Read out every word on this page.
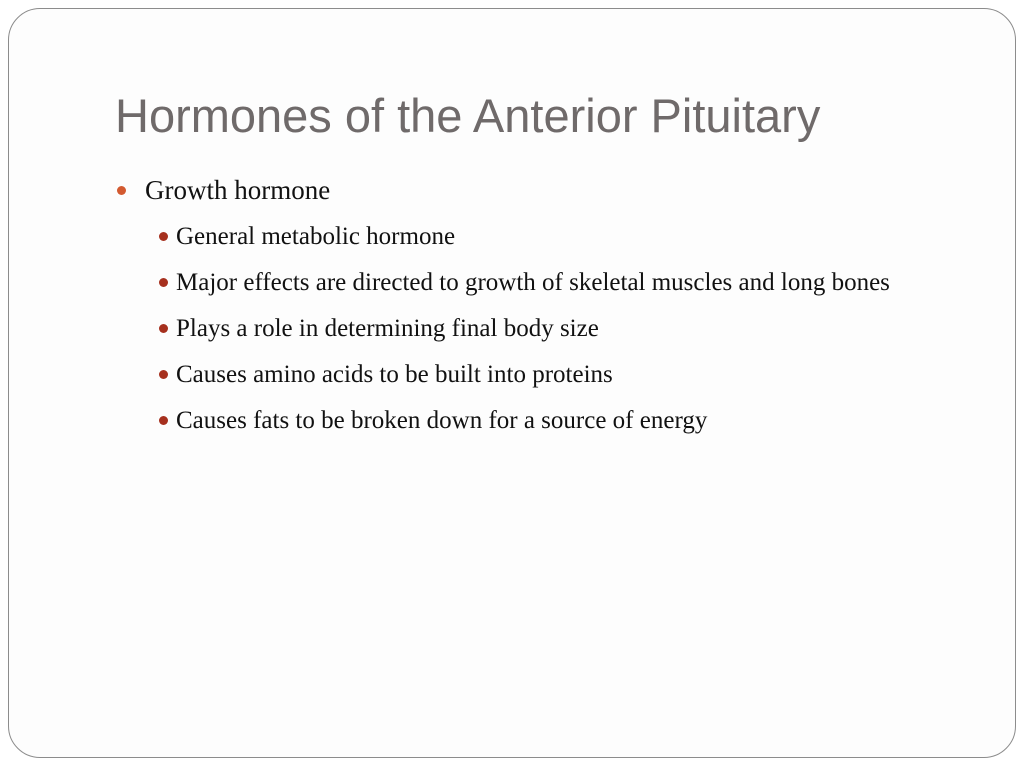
Hormones of the Anterior Pituitary
Growth hormone
General metabolic hormone
Major effects are directed to growth of skeletal muscles and long bones
Plays a role in determining final body size
Causes amino acids to be built into proteins
Causes fats to be broken down for a source of energy
